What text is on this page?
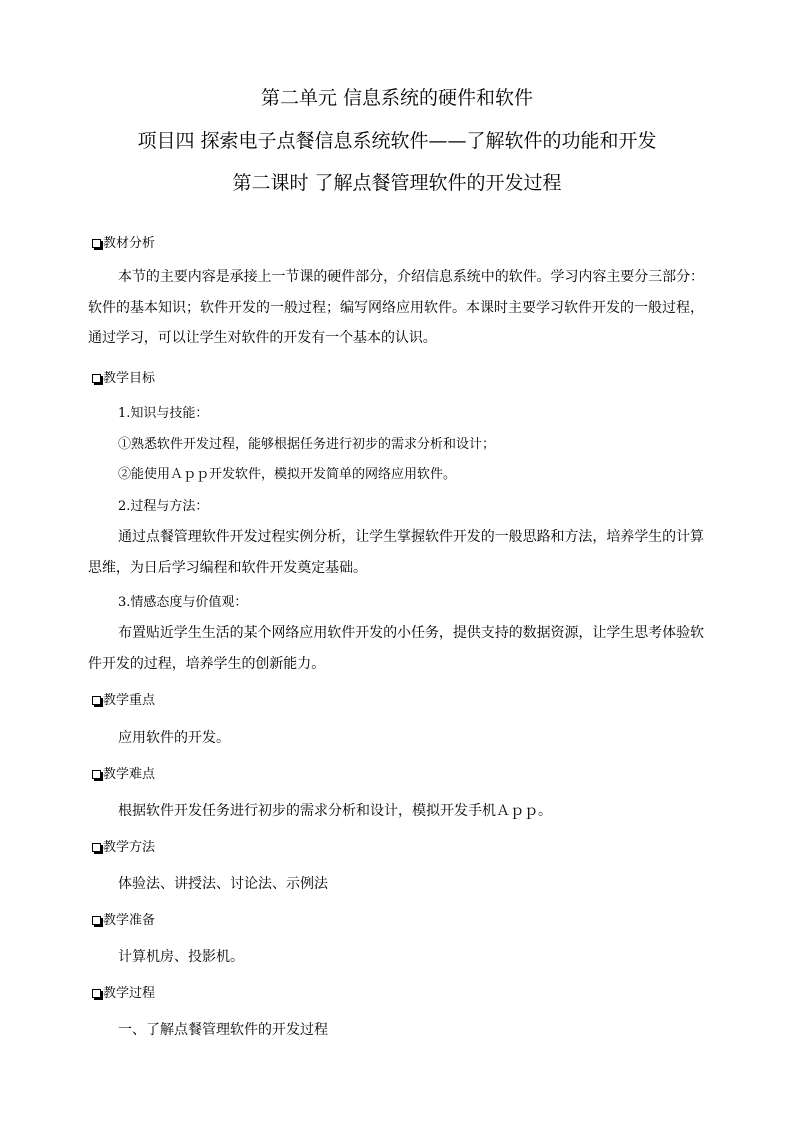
第二单元 信息系统的硬件和软件
项目四 探索电子点餐信息系统软件——了解软件的功能和开发
第二课时 了解点餐管理软件的开发过程
教材分析
本节的主要内容是承接上一节课的硬件部分，介绍信息系统中的软件。学习内容主要分三部分：软件的基本知识；软件开发的一般过程；编写网络应用软件。本课时主要学习软件开发的一般过程，通过学习，可以让学生对软件的开发有一个基本的认识。
教学目标
1.知识与技能：
①熟悉软件开发过程，能够根据任务进行初步的需求分析和设计；
②能使用Ａｐｐ开发软件，模拟开发简单的网络应用软件。
2.过程与方法：
通过点餐管理软件开发过程实例分析，让学生掌握软件开发的一般思路和方法，培养学生的计算思维，为日后学习编程和软件开发奠定基础。
3.情感态度与价值观：
布置贴近学生生活的某个网络应用软件开发的小任务，提供支持的数据资源，让学生思考体验软件开发的过程，培养学生的创新能力。
教学重点
应用软件的开发。
教学难点
根据软件开发任务进行初步的需求分析和设计，模拟开发手机Ａｐｐ。
教学方法
体验法、讲授法、讨论法、示例法
教学准备
计算机房、投影机。
教学过程
一、了解点餐管理软件的开发过程
